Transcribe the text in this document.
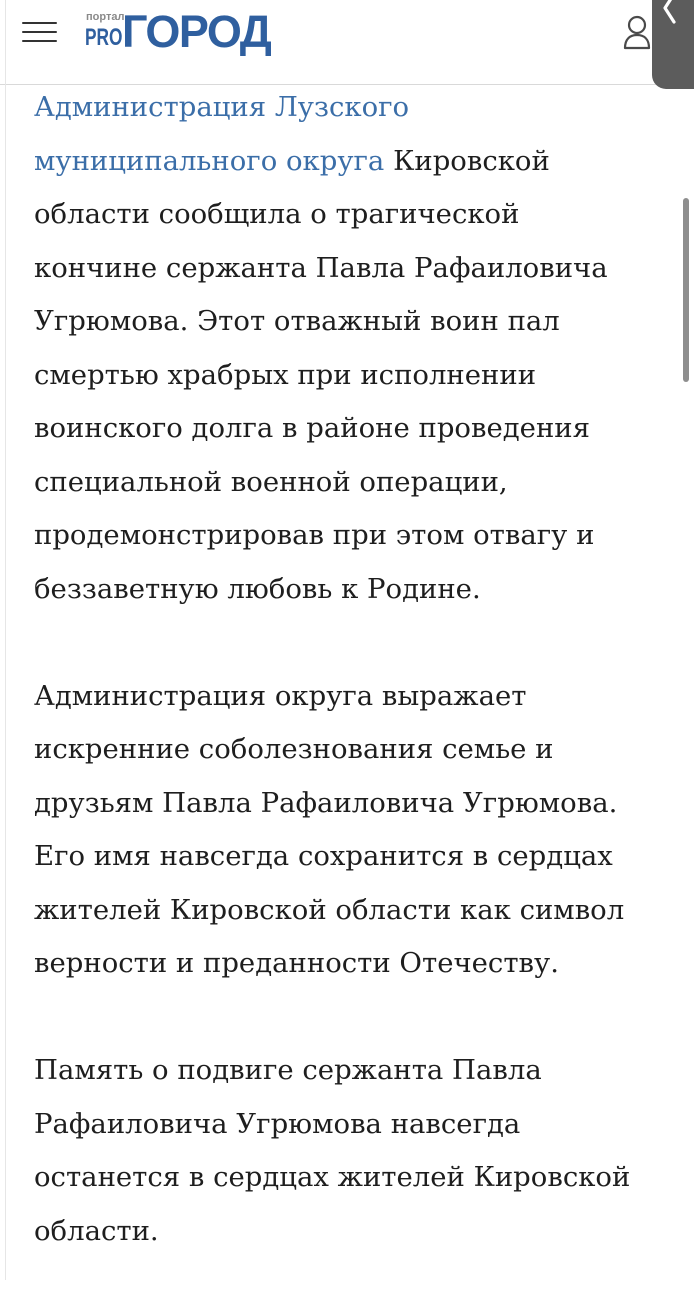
портал
PRO ГОРОД

Администрация Лузского
муниципального округа Кировской
области сообщила о трагической
кончине сержанта Павла Рафаиловича
Угрюмова. Этот отважный воин пал
смертью храбрых при исполнении
воинского долга в районе проведения
специальной военной операции,
продемонстрировав при этом отвагу и
беззаветную любовь к Родине.

Администрация округа выражает
искренние соболезнования семье и
друзьям Павла Рафаиловича Угрюмова.
Его имя навсегда сохранится в сердцах
жителей Кировской области как символ
верности и преданности Отечеству.

Память о подвиге сержанта Павла
Рафаиловича Угрюмова навсегда
останется в сердцах жителей Кировской
области.
